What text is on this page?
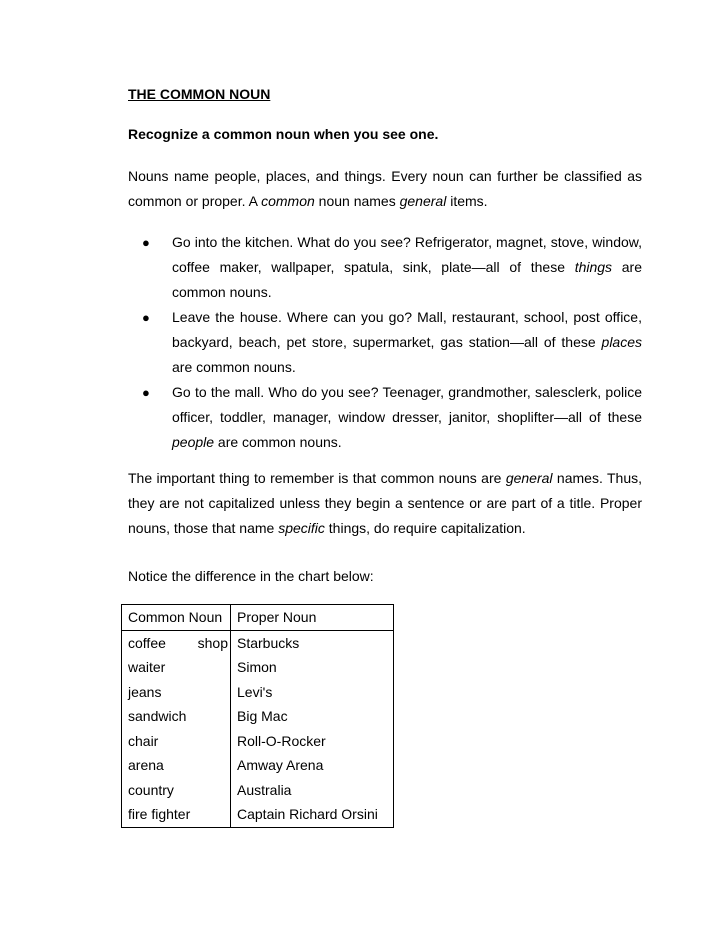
THE COMMON NOUN
Recognize a common noun when you see one.
Nouns name people, places, and things. Every noun can further be classified as common or proper. A common noun names general items.
●	Go into the kitchen. What do you see? Refrigerator, magnet, stove, window, coffee maker, wallpaper, spatula, sink, plate—all of these things are common nouns.
●	Leave the house. Where can you go? Mall, restaurant, school, post office, backyard, beach, pet store, supermarket, gas station—all of these places are common nouns.
●	Go to the mall. Who do you see? Teenager, grandmother, salesclerk, police officer, toddler, manager, window dresser, janitor, shoplifter—all of these people are common nouns.
The important thing to remember is that common nouns are general names. Thus, they are not capitalized unless they begin a sentence or are part of a title. Proper nouns, those that name specific things, do require capitalization.
Notice the difference in the chart below:
Common Noun	Proper Noun

coffee shop	Starbucks
waiter	Simon
jeans	Levi's
sandwich	Big Mac
chair	Roll-O-Rocker
arena	Amway Arena
country	Australia
fire fighter	Captain Richard Orsini
